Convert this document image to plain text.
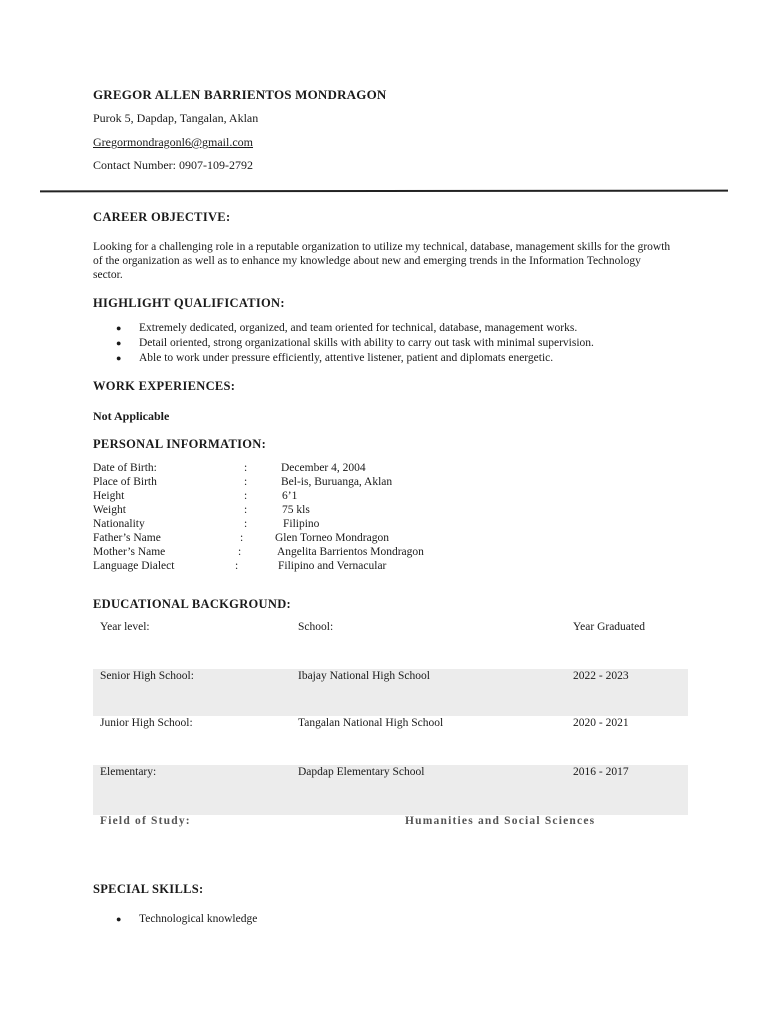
GREGOR ALLEN BARRIENTOS MONDRAGON
Purok 5, Dapdap, Tangalan, Aklan
Gregormondragonl6@gmail.com
Contact Number: 0907-109-2792
CAREER OBJECTIVE:
Looking for a challenging role in a reputable organization to utilize my technical, database, management skills for the growth of the organization as well as to enhance my knowledge about new and emerging trends in the Information Technology sector.
HIGHLIGHT QUALIFICATION:
● Extremely dedicated, organized, and team oriented for technical, database, management works.
● Detail oriented, strong organizational skills with ability to carry out task with minimal supervision.
● Able to work under pressure efficiently, attentive listener, patient and diplomats energetic.
WORK EXPERIENCES:
Not Applicable
PERSONAL INFORMATION:
Date of Birth:	:	December 4, 2004
Place of Birth	:	Bel-is, Buruanga, Aklan
Height	:	6’1
Weight	:	75 kls
Nationality	:	Filipino
Father’s Name	:	Glen Torneo Mondragon
Mother’s Name	:	Angelita Barrientos Mondragon
Language Dialect	:	Filipino and Vernacular
EDUCATIONAL BACKGROUND:
Year level:	School:	Year Graduated
Senior High School:	Ibajay National High School	2022 - 2023
Junior High School:	Tangalan National High School	2020 - 2021
Elementary:	Dapdap Elementary School	2016 - 2017
Field of Study:	Humanities and Social Sciences
SPECIAL SKILLS:
● Technological knowledge
